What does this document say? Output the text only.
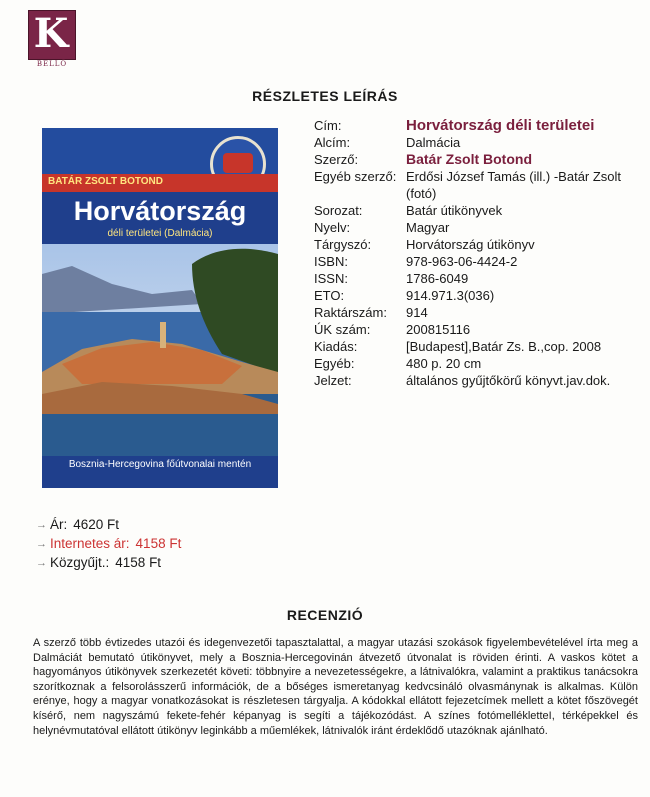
K
BELLŐ
RÉSZLETES LEÍRÁS
BATÁR ZSOLT BOTOND
Horvátország
déli területei (Dalmácia)
Bosznia-Hercegovina főútvonalai mentén
Cím:	Horvátország déli területei
Alcím:	Dalmácia
Szerző:	Batár Zsolt Botond
Egyéb szerző: Erdősi József Tamás (ill.) -Batár Zsolt (fotó)
Sorozat:	Batár útikönyvek
Nyelv:	Magyar
Tárgyszó:	Horvátország útikönyv
ISBN:	978-963-06-4424-2
ISSN:	1786-6049
ETO:	914.971.3(036)
Raktárszám:	914
ÚK szám:	200815116
Kiadás:	[Budapest],Batár Zs. B.,cop. 2008
Egyéb:	480 p. 20 cm
Jelzet:	általános gyűjtőkörű könyvt.jav.dok.
→ Ár: 4620 Ft
→ Internetes ár: 4158 Ft
→ Közgyűjt.: 4158 Ft
RECENZIÓ
A szerző több évtizedes utazói és idegenvezetői tapasztalattal, a magyar utazási szokások figyelembevételével írta meg a Dalmáciát bemutató útikönyvet, mely a Bosznia-Hercegovinán átvezető útvonalat is röviden érinti. A vaskos kötet a hagyományos útikönyvek szerkezetét követi: többnyire a nevezetességekre, a látnivalókra, valamint a praktikus tanácsokra szorítkoznak a felsorolásszerű információk, de a bőséges ismeretanyag kedvcsináló olvasmánynak is alkalmas. Külön erénye, hogy a magyar vonatkozásokat is részletesen tárgyalja. A kódokkal ellátott fejezetcímek mellett a kötet főszövegét kísérő, nem nagyszámú fekete-fehér képanyag is segíti a tájékozódást. A színes fotómellékletteI, térképekkel és helynévmutatóval ellátott útikönyv leginkább a műemlékek, látnivalók iránt érdeklődő utazóknak ajánlható.
